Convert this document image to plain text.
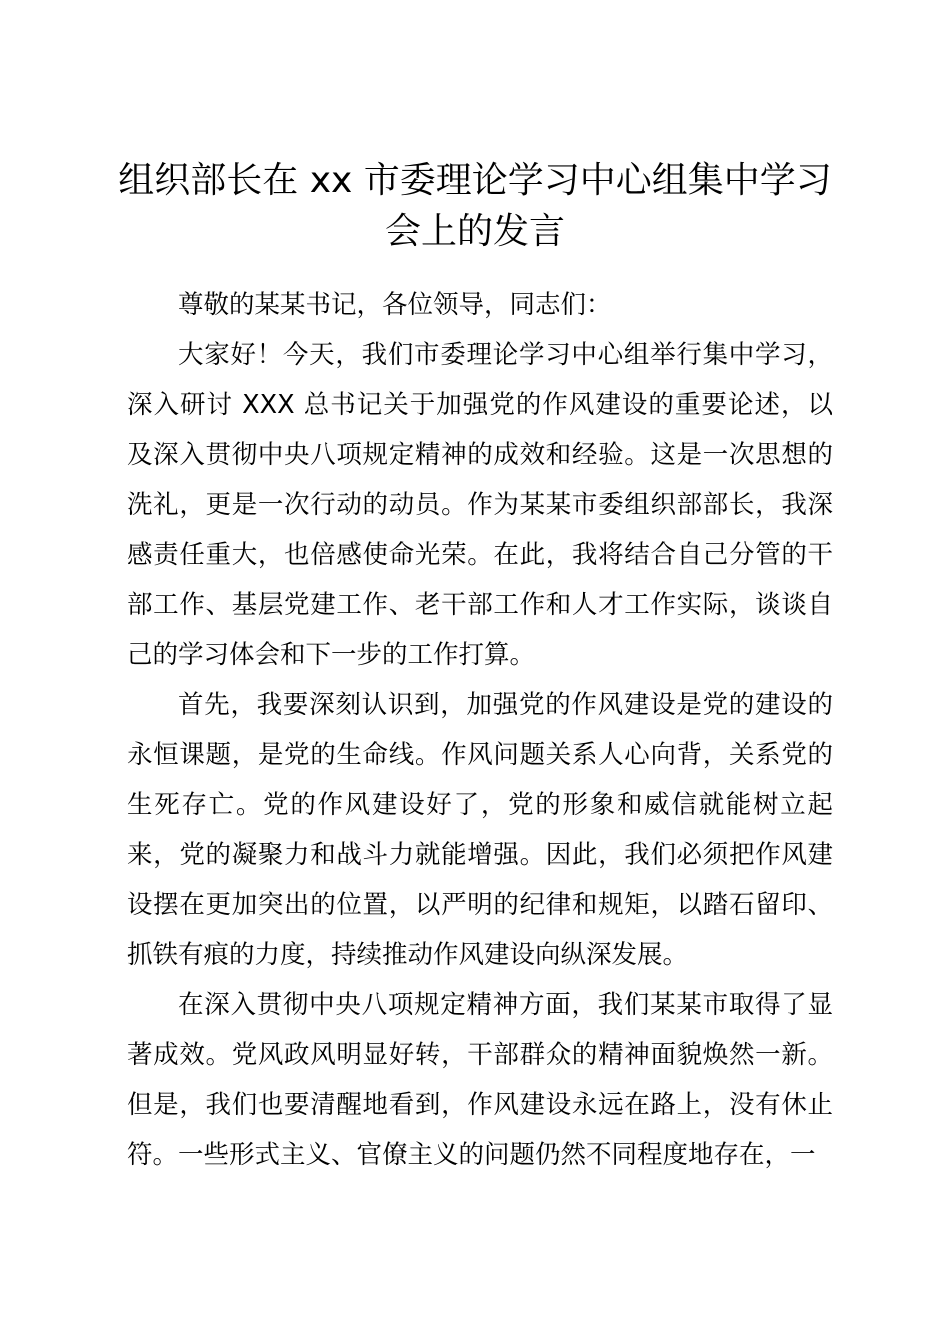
组织部长在 xx 市委理论学习中心组集中学习
会上的发言

尊敬的某某书记，各位领导，同志们：

大家好！今天，我们市委理论学习中心组举行集中学习，深入研讨 XXX 总书记关于加强党的作风建设的重要论述，以及深入贯彻中央八项规定精神的成效和经验。这是一次思想的洗礼，更是一次行动的动员。作为某某市委组织部部长，我深感责任重大，也倍感使命光荣。在此，我将结合自己分管的干部工作、基层党建工作、老干部工作和人才工作实际，谈谈自己的学习体会和下一步的工作打算。

首先，我要深刻认识到，加强党的作风建设是党的建设的永恒课题，是党的生命线。作风问题关系人心向背，关系党的生死存亡。党的作风建设好了，党的形象和威信就能树立起来，党的凝聚力和战斗力就能增强。因此，我们必须把作风建设摆在更加突出的位置，以严明的纪律和规矩，以踏石留印、抓铁有痕的力度，持续推动作风建设向纵深发展。

在深入贯彻中央八项规定精神方面，我们某某市取得了显著成效。党风政风明显好转，干部群众的精神面貌焕然一新。但是，我们也要清醒地看到，作风建设永远在路上，没有休止符。一些形式主义、官僚主义的问题仍然不同程度地存在，一
